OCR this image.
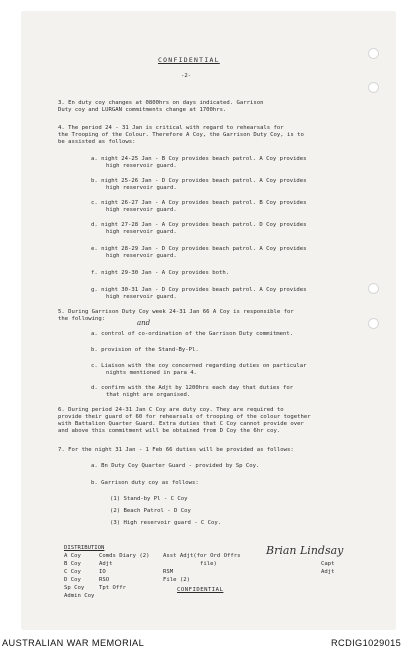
CONFIDENTIAL
-2-
3. En duty coy changes at 0800hrs on days indicated. Garrison
Duty coy and LURGAN commitments change at 1700hrs.
4. The period 24 - 31 Jan is critical with regard to rehearsals for
the Trooping of the Colour. Therefore A Coy, the Garrison Duty Coy, is to
be assisted as follows:
a. night 24-25 Jan - B Coy provides beach patrol. A Coy provides
high reservoir guard.
b. night 25-26 Jan - D Coy provides beach patrol. A Coy provides
high reservoir guard.
c. night 26-27 Jan - A Coy provides beach patrol. B Coy provides
high reservoir guard.
d. night 27-28 Jan - A Coy provides beach patrol. D Coy provides
high reservoir guard.
e. night 28-29 Jan - D Coy provides beach patrol. A Coy provides
high reservoir guard.
f. night 29-30 Jan - A Coy provides both.
g. night 30-31 Jan - D Coy provides beach patrol. A Coy provides
high reservoir guard.
5. During Garrison Duty Coy week 24-31 Jan 66 A Coy is responsible for
the following:	and
a. control of co-ordination of the Garrison Duty commitment.
b. provision of the Stand-By-Pl.
c. Liaison with the coy concerned regarding duties on particular
nights mentioned in para 4.
d. confirm with the Adjt by 1200hrs each day that duties for
that night are organised.
6. During period 24-31 Jan C Coy are duty coy. They are required to
provide their guard of 60 for rehearsals of trooping of the colour together
with Battalion Quarter Guard. Extra duties that C Coy cannot provide over
and above this commitment will be obtained from D Coy the 6hr coy.
7. For the night 31 Jan - 1 Feb 66 duties will be provided as follows:
a. Bn Duty Coy Quarter Guard - provided by Sp Coy.
b. Garrison duty coy as follows:
(1) Stand-by Pl - C Coy
(2) Beach Patrol - D Coy
(3) High reservoir guard - C Coy.
Brian Lindsay
Capt
Adjt
DISTRIBUTION
A Coy
B Coy
C Coy
D Coy
Sp Coy
Admin Coy
Comds Diary (2)
Adjt
IO
RSO
Tpt Offr
Asst Adjt(for Ord Offrs
file)
RSM
File (2)
CONFIDENTIAL
AUSTRALIAN WAR MEMORIAL	RCDIG1029015
